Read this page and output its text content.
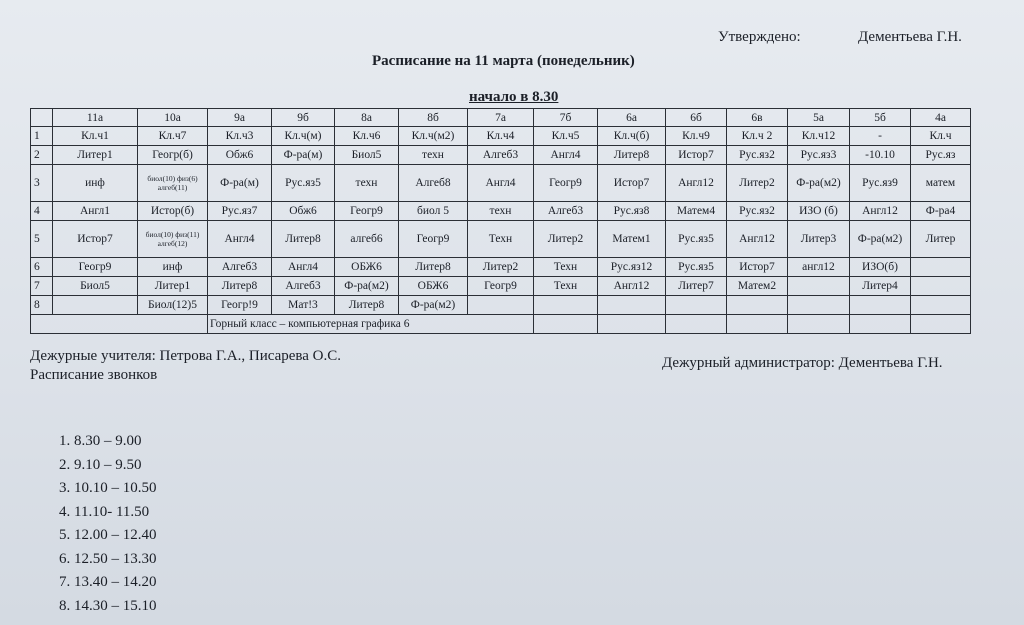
Утверждено:	Дементьева Г.Н.
Расписание на 11 марта (понедельник)
начало в 8.30
	11а	10а	9а	9б	8а	8б	7а	7б	6а	6б	6в	5а	5б	4а
1	Кл.ч1	Кл.ч7	Кл.ч3	Кл.ч(м)	Кл.ч6	Кл.ч(м2)	Кл.ч4	Кл.ч5	Кл.ч(б)	Кл.ч9	Кл.ч 2	Кл.ч12	-	Кл.ч
2	Литер1	Геогр(б)	Обж6	Ф-ра(м)	Биол5	техн	Алгеб3	Англ4	Литер8	Истор7	Рус.яз2	Рус.яз3	-10.10	Рус.яз
3	инф	биол(10) физ(6) алгеб(11)	Ф-ра(м)	Рус.яз5	техн	Алгеб8	Англ4	Геогр9	Истор7	Англ12	Литер2	Ф-ра(м2)	Рус.яз9	матем
4	Англ1	Истор(б)	Рус.яз7	Обж6	Геогр9	биол 5	техн	Алгеб3	Рус.яз8	Матем4	Рус.яз2	ИЗО (б)	Англ12	Ф-ра4
5	Истор7	биол(10) физ(11) алгеб(12)	Англ4	Литер8	алгеб6	Геогр9	Техн	Литер2	Матем1	Рус.яз5	Англ12	Литер3	Ф-ра(м2)	Литер
6	Геогр9	инф	Алгеб3	Англ4	ОБЖ6	Литер8	Литер2	Техн	Рус.яз12	Рус.яз5	Истор7	англ12	ИЗО(б)	
7	Биол5	Литер1	Литер8	Алгеб3	Ф-ра(м2)	ОБЖ6	Геогр9	Техн	Англ12	Литер7	Матем2		Литер4	
8		Биол(12)5	Геогр!9	Мат!3	Литер8	Ф-ра(м2)								
			Горный класс – компьютерная графика 6											
Дежурные учителя: Петрова Г.А., Писарева О.С.	Дежурный администратор: Дементьева Г.Н.
Расписание звонков
1. 8.30 – 9.00
2. 9.10 – 9.50
3. 10.10 – 10.50
4. 11.10- 11.50
5. 12.00 – 12.40
6. 12.50 – 13.30
7. 13.40 – 14.20
8. 14.30 – 15.10
